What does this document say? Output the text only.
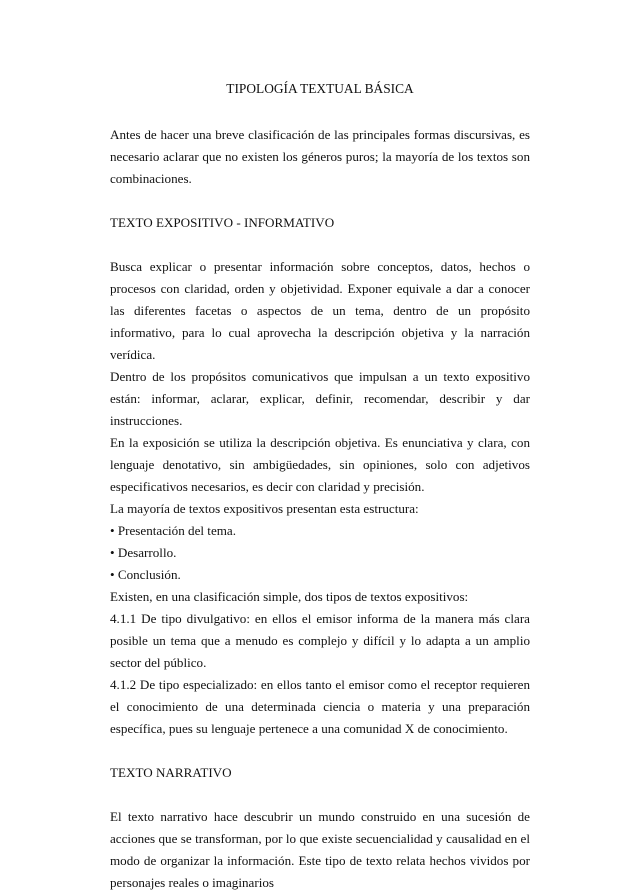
TIPOLOGÍA TEXTUAL BÁSICA

Antes de hacer una breve clasificación de las principales formas discursivas, es necesario aclarar que no existen los géneros puros; la mayoría de los textos son combinaciones.

TEXTO EXPOSITIVO - INFORMATIVO

Busca explicar o presentar información sobre conceptos, datos, hechos o procesos con claridad, orden y objetividad. Exponer equivale a dar a conocer las diferentes facetas o aspectos de un tema, dentro de un propósito informativo, para lo cual aprovecha la descripción objetiva y la narración verídica.

Dentro de los propósitos comunicativos que impulsan a un texto expositivo están: informar, aclarar, explicar, definir, recomendar, describir y dar instrucciones.

En la exposición se utiliza la descripción objetiva. Es enunciativa y clara, con lenguaje denotativo, sin ambigüedades, sin opiniones, solo con adjetivos especificativos necesarios, es decir con claridad y precisión.

La mayoría de textos expositivos presentan esta estructura:

• Presentación del tema.

• Desarrollo.

• Conclusión.

Existen, en una clasificación simple, dos tipos de textos expositivos:

4.1.1 De tipo divulgativo: en ellos el emisor informa de la manera más clara posible un tema que a menudo es complejo y difícil y lo adapta a un amplio sector del público.

4.1.2 De tipo especializado: en ellos tanto el emisor como el receptor requieren el conocimiento de una determinada ciencia o materia y una preparación específica, pues su lenguaje pertenece a una comunidad X de conocimiento.

TEXTO NARRATIVO

El texto narrativo hace descubrir un mundo construido en una sucesión de acciones que se transforman, por lo que existe secuencialidad y causalidad en el modo de organizar la información. Este tipo de texto relata hechos vividos por personajes reales o imaginarios
